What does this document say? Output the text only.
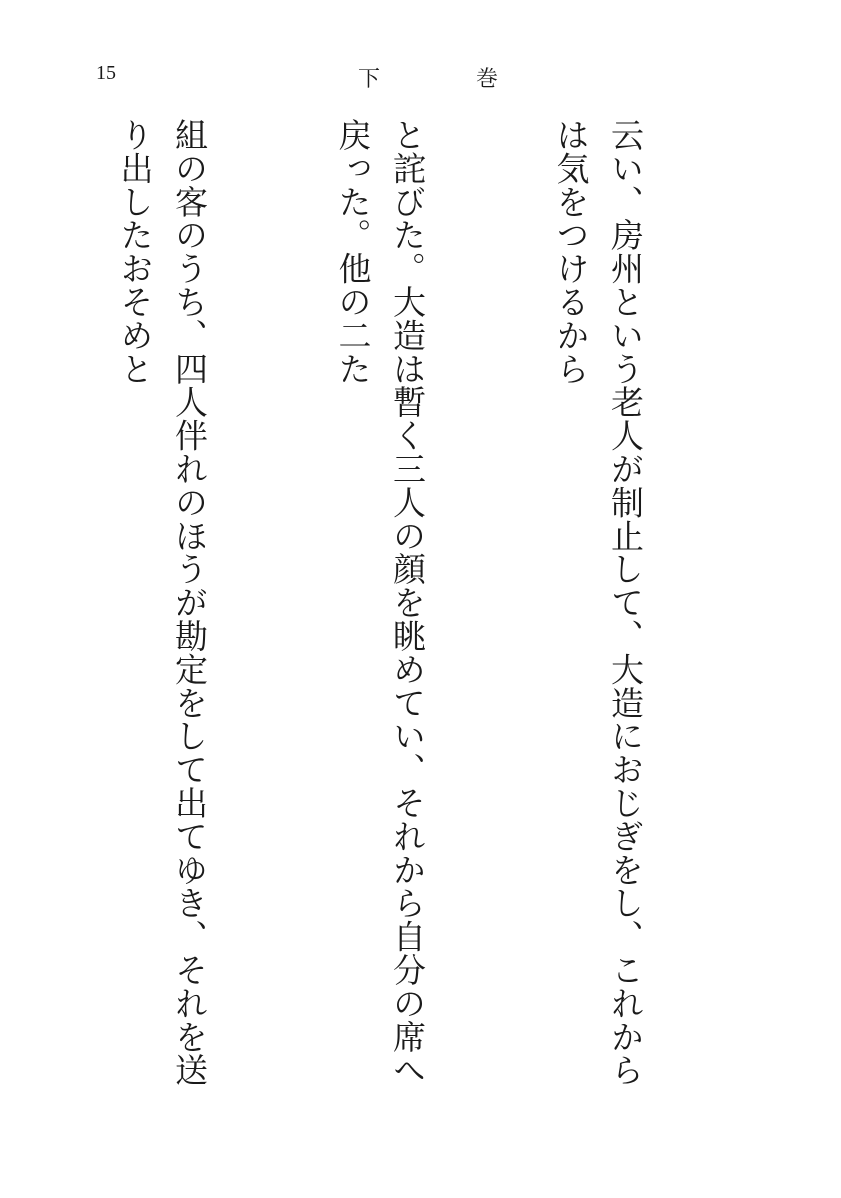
15	下	巻

云い、房州という老人が制止して、大造におじぎをし、これからは気をつけるから

と詫びた。大造は暫く三人の顔を眺めてい、それから自分の席へ戻った。他の二た

組の客のうち、四人伴れのほうが勘定をして出てゆき、それを送り出したおそめと
